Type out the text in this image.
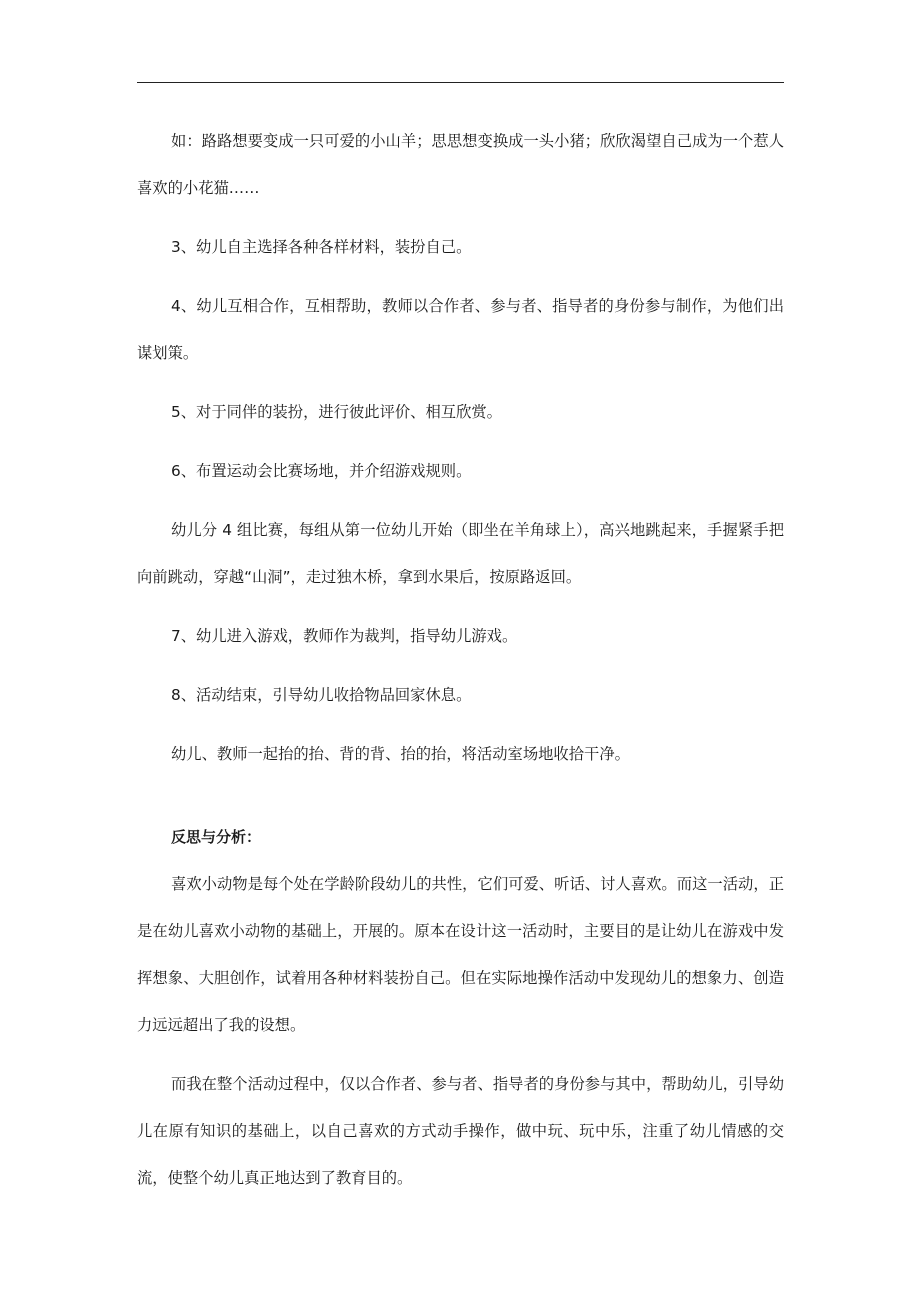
如：路路想要变成一只可爱的小山羊；思思想变换成一头小猪；欣欣渴望自己成为一个惹人喜欢的小花猫……

3、幼儿自主选择各种各样材料，装扮自己。

4、幼儿互相合作，互相帮助，教师以合作者、参与者、指导者的身份参与制作，为他们出谋划策。

5、对于同伴的装扮，进行彼此评价、相互欣赏。

6、布置运动会比赛场地，并介绍游戏规则。

幼儿分 4 组比赛，每组从第一位幼儿开始（即坐在羊角球上），高兴地跳起来，手握紧手把向前跳动，穿越“山洞”，走过独木桥，拿到水果后，按原路返回。

7、幼儿进入游戏，教师作为裁判，指导幼儿游戏。

8、活动结束，引导幼儿收拾物品回家休息。

幼儿、教师一起抬的抬、背的背、抬的抬，将活动室场地收拾干净。

反思与分析：

喜欢小动物是每个处在学龄阶段幼儿的共性，它们可爱、听话、讨人喜欢。而这一活动，正是在幼儿喜欢小动物的基础上，开展的。原本在设计这一活动时，主要目的是让幼儿在游戏中发挥想象、大胆创作，试着用各种材料装扮自己。但在实际地操作活动中发现幼儿的想象力、创造力远远超出了我的设想。

而我在整个活动过程中，仅以合作者、参与者、指导者的身份参与其中，帮助幼儿，引导幼儿在原有知识的基础上，以自己喜欢的方式动手操作，做中玩、玩中乐，注重了幼儿情感的交流，使整个幼儿真正地达到了教育目的。
